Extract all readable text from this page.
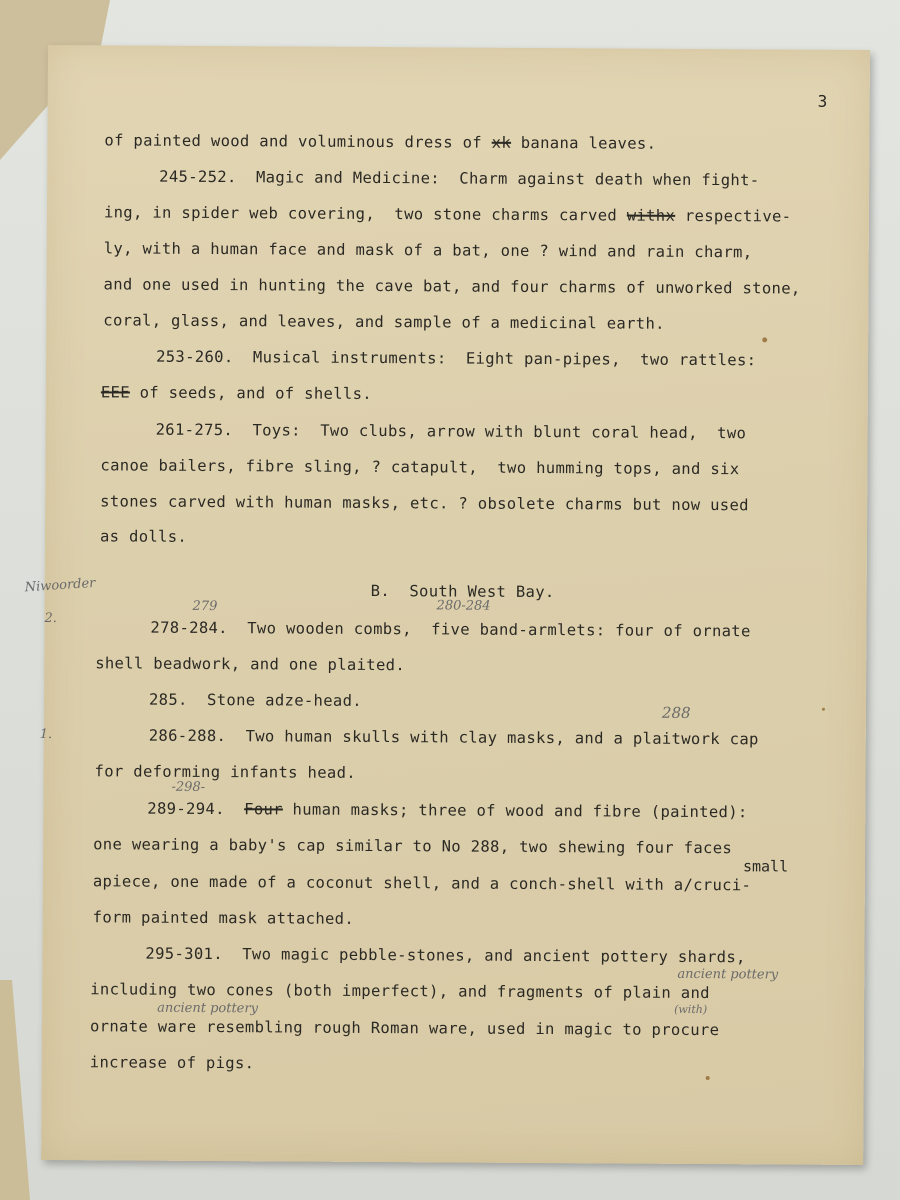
3
of painted wood and voluminous dress of xk banana leaves.
245-252.  Magic and Medicine:  Charm against death when fight-
ing, in spider web covering,  two stone charms carved withx respective-
ly, with a human face and mask of a bat, one ? wind and rain charm,
and one used in hunting the cave bat, and four charms of unworked stone,
coral, glass, and leaves, and sample of a medicinal earth.
253-260.  Musical instruments:  Eight pan-pipes,  two rattles:
EEE of seeds, and of shells.
261-275.  Toys:  Two clubs, arrow with blunt coral head,  two
canoe bailers, fibre sling, ? catapult,  two humming tops, and six
stones carved with human masks, etc. ? obsolete charms but now used
as dolls.
Niwoorder	B.  South West Bay.
2.
279	280-284
278-284.  Two wooden combs,  five band-armlets: four of ornate
shell beadwork, and one plaited.
285.  Stone adze-head.
1.
288
286-288.  Two human skulls with clay masks, and a plaitwork cap
for deforming infants head.
-298-
289-294.  Four human masks; three of wood and fibre (painted):
one wearing a baby's cap similar to No 288, two shewing four faces
small
apiece, one made of a coconut shell, and a conch-shell with a/cruci-
form painted mask attached.
295-301.  Two magic pebble-stones, and ancient pottery shards,
ancient pottery
including two cones (both imperfect), and fragments of plain and
(with)
ancient pottery
ornate ware resembling rough Roman ware, used in magic to procure
increase of pigs.
